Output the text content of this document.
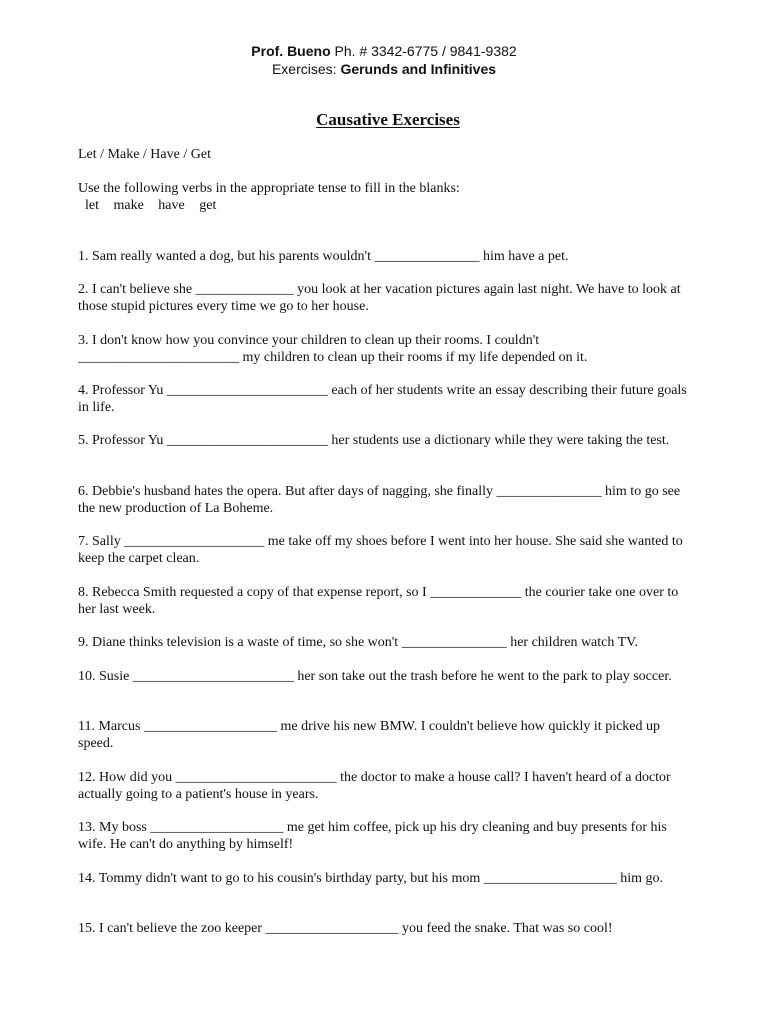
Prof. Bueno Ph. # 3342-6775 / 9841-9382
Exercises: Gerunds and Infinitives
Causative Exercises
Let / Make / Have / Get
Use the following verbs in the appropriate tense to fill in the blanks:
let make have get
1. Sam really wanted a dog, but his parents wouldn't _______________ him have a pet.
2. I can't believe she ______________ you look at her vacation pictures again last night. We have to look at those stupid pictures every time we go to her house.
3. I don't know how you convince your children to clean up their rooms. I couldn't _______________________ my children to clean up their rooms if my life depended on it.
4. Professor Yu _______________________ each of her students write an essay describing their future goals in life.
5. Professor Yu _______________________ her students use a dictionary while they were taking the test.
6. Debbie's husband hates the opera. But after days of nagging, she finally _______________ him to go see the new production of La Boheme.
7. Sally ____________________ me take off my shoes before I went into her house. She said she wanted to keep the carpet clean.
8. Rebecca Smith requested a copy of that expense report, so I _____________ the courier take one over to her last week.
9. Diane thinks television is a waste of time, so she won't _______________ her children watch TV.
10. Susie _______________________ her son take out the trash before he went to the park to play soccer.
11. Marcus ___________________ me drive his new BMW. I couldn't believe how quickly it picked up speed.
12. How did you _______________________ the doctor to make a house call? I haven't heard of a doctor actually going to a patient's house in years.
13. My boss ___________________ me get him coffee, pick up his dry cleaning and buy presents for his wife. He can't do anything by himself!
14. Tommy didn't want to go to his cousin's birthday party, but his mom ___________________ him go.
15. I can't believe the zoo keeper ___________________ you feed the snake. That was so cool!
